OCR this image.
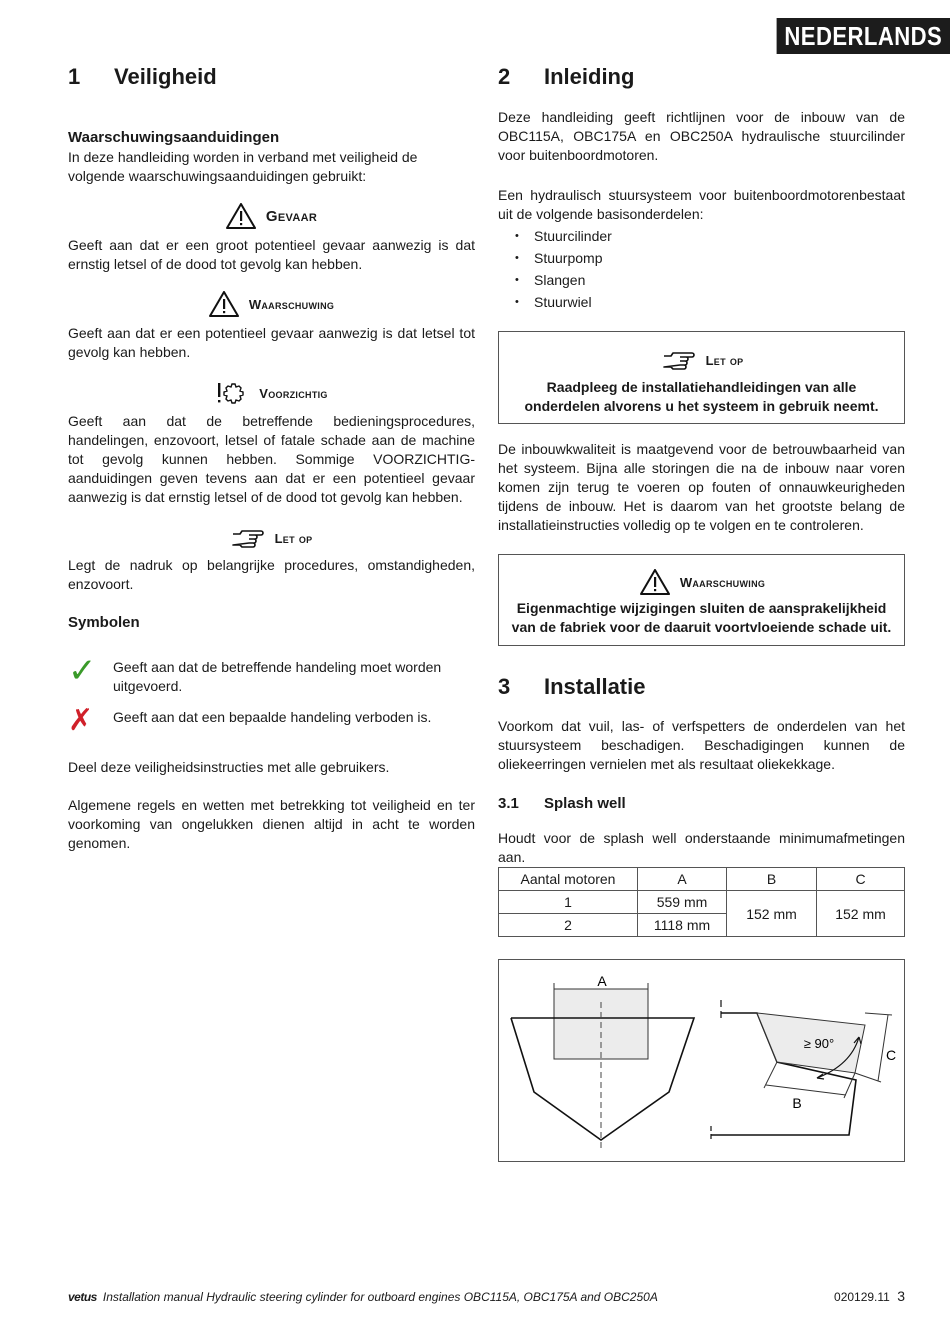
NEDERLANDS
1 Veiligheid
Waarschuwingsaanduidingen
In deze handleiding worden in verband met veiligheid de volgende waarschuwingsaanduidingen gebruikt:
Gevaar
Geeft aan dat er een groot potentieel gevaar aanwezig is dat ernstig letsel of de dood tot gevolg kan hebben.
Waarschuwing
Geeft aan dat er een potentieel gevaar aanwezig is dat letsel tot gevolg kan hebben.
Voorzichtig
Geeft aan dat de betreffende bedieningsprocedures, handelingen, enzovoort, letsel of fatale schade aan de machine tot gevolg kunnen hebben. Sommige VOORZICHTIG-aanduidingen geven tevens aan dat er een potentieel gevaar aanwezig is dat ernstig letsel of de dood tot gevolg kan hebben.
Let op
Legt de nadruk op belangrijke procedures, omstandigheden, enzovoort.
Symbolen
✓	Geeft aan dat de betreffende handeling moet worden uitgevoerd.
✗	Geeft aan dat een bepaalde handeling verboden is.
Deel deze veiligheidsinstructies met alle gebruikers.
Algemene regels en wetten met betrekking tot veiligheid en ter voorkoming van ongelukken dienen altijd in acht te worden genomen.
2 Inleiding
Deze handleiding geeft richtlijnen voor de inbouw van de OBC115A, OBC175A en OBC250A hydraulische stuurcilinder voor buitenboordmotoren.
Een hydraulisch stuursysteem voor buitenboordmotorenbestaat uit de volgende basisonderdelen:
• Stuurcilinder
• Stuurpomp
• Slangen
• Stuurwiel
Let op
Raadpleeg de installatiehandleidingen van alle onderdelen alvorens u het systeem in gebruik neemt.
De inbouwkwaliteit is maatgevend voor de betrouwbaarheid van het systeem. Bijna alle storingen die na de inbouw naar voren komen zijn terug te voeren op fouten of onnauwkeurigheden tijdens de inbouw. Het is daarom van het grootste belang de installatieinstructies volledig op te volgen en te controleren.
Waarschuwing
Eigenmachtige wijzigingen sluiten de aansprakelijkheid van de fabriek voor de daaruit voortvloeiende schade uit.
3 Installatie
Voorkom dat vuil, las- of verfspetters de onderdelen van het stuursysteem beschadigen. Beschadigingen kunnen de oliekeerringen vernielen met als resultaat oliekekkage.
3.1 Splash well
Houdt voor de splash well onderstaande minimumafmetingen aan.
Aantal motoren	A	B	C
1	559 mm	152 mm	152 mm
2	1118 mm		
A
≥ 90°
C
B
vetus Installation manual Hydraulic steering cylinder for outboard engines OBC115A, OBC175A and OBC250A	020129.11 3
